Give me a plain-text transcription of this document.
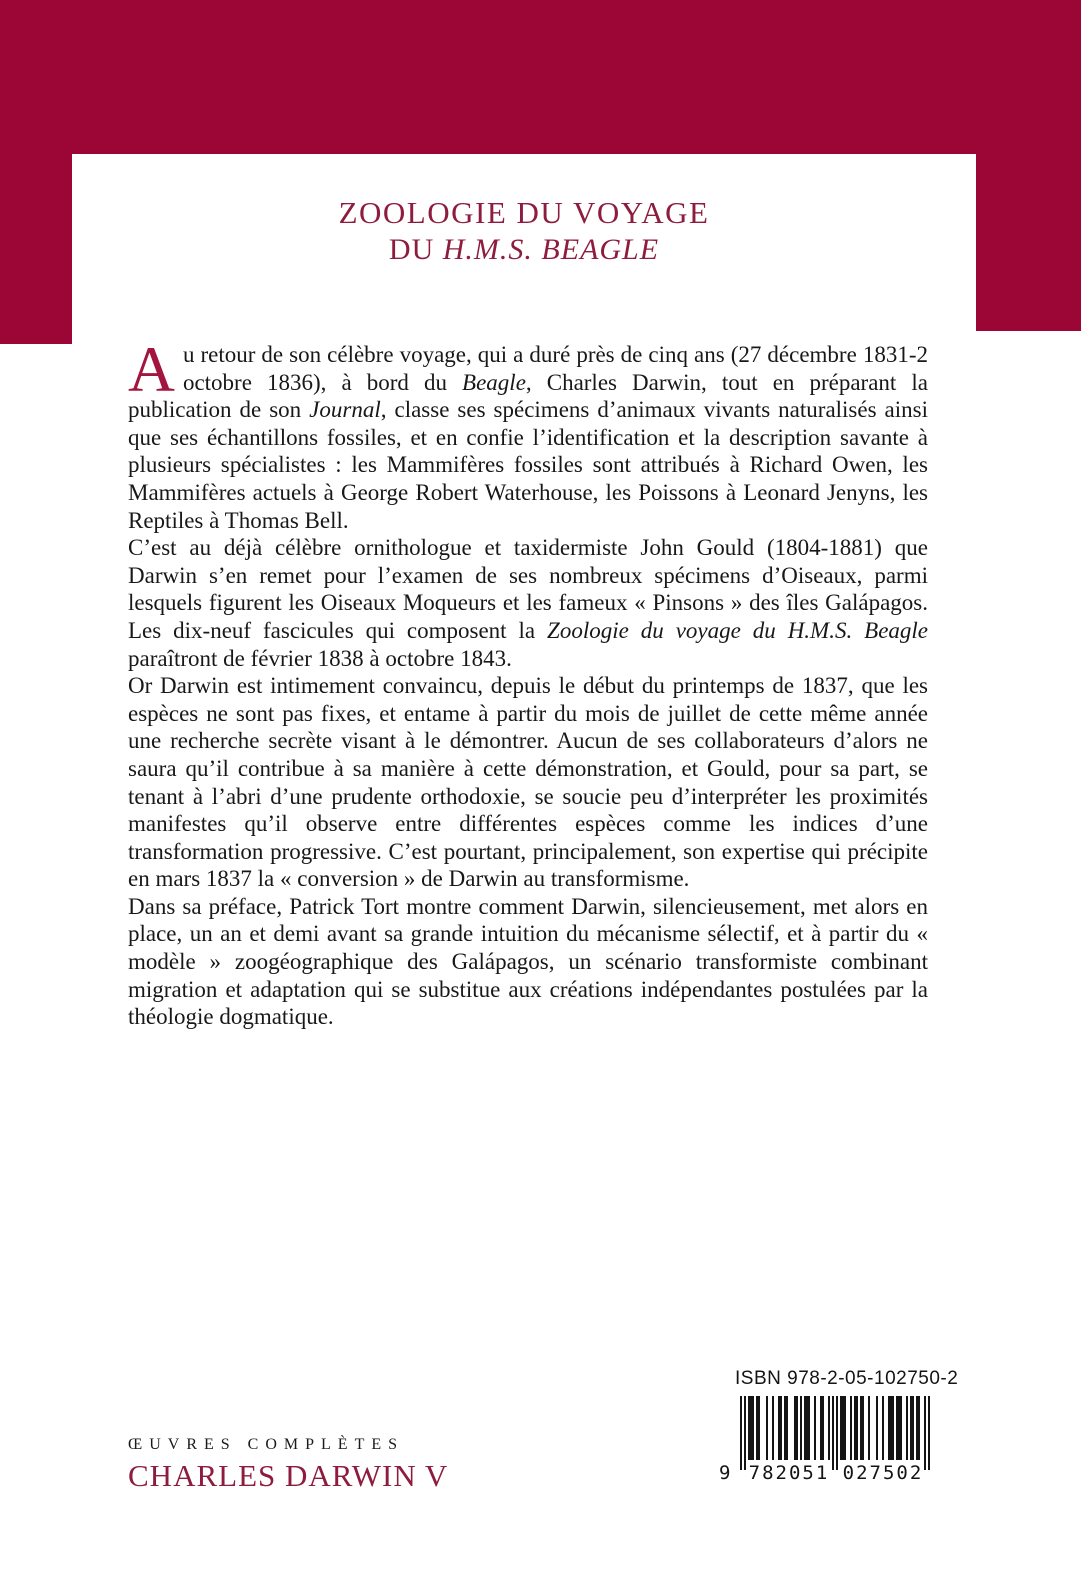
ZOOLOGIE DU VOYAGE
DU H.M.S. BEAGLE

Au retour de son célèbre voyage, qui a duré près de cinq ans (27 décembre 1831-2 octobre 1836), à bord du Beagle, Charles Darwin, tout en préparant la publication de son Journal, classe ses spécimens d’animaux vivants naturalisés ainsi que ses échantillons fossiles, et en confie l’identification et la description savante à plusieurs spécialistes : les Mammifères fossiles sont attribués à Richard Owen, les Mammifères actuels à George Robert Waterhouse, les Poissons à Leonard Jenyns, les Reptiles à Thomas Bell.

C’est au déjà célèbre ornithologue et taxidermiste John Gould (1804-1881) que Darwin s’en remet pour l’examen de ses nombreux spécimens d’Oiseaux, parmi lesquels figurent les Oiseaux Moqueurs et les fameux « Pinsons » des îles Galápagos. Les dix-neuf fascicules qui composent la Zoologie du voyage du H.M.S. Beagle paraîtront de février 1838 à octobre 1843.

Or Darwin est intimement convaincu, depuis le début du printemps de 1837, que les espèces ne sont pas fixes, et entame à partir du mois de juillet de cette même année une recherche secrète visant à le démontrer. Aucun de ses collaborateurs d’alors ne saura qu’il contribue à sa manière à cette démonstration, et Gould, pour sa part, se tenant à l’abri d’une prudente orthodoxie, se soucie peu d’interpréter les proximités manifestes qu’il observe entre différentes espèces comme les indices d’une transformation progressive. C’est pourtant, principalement, son expertise qui précipite en mars 1837 la « conversion » de Darwin au transformisme.

Dans sa préface, Patrick Tort montre comment Darwin, silencieusement, met alors en place, un an et demi avant sa grande intuition du mécanisme sélectif, et à partir du « modèle » zoogéographique des Galápagos, un scénario transformiste combinant migration et adaptation qui se substitue aux créations indépendantes postulées par la théologie dogmatique.

ŒUVRES COMPLÈTES
CHARLES DARWIN V
ISBN 978-2-05-102750-2
9 782051 027502
